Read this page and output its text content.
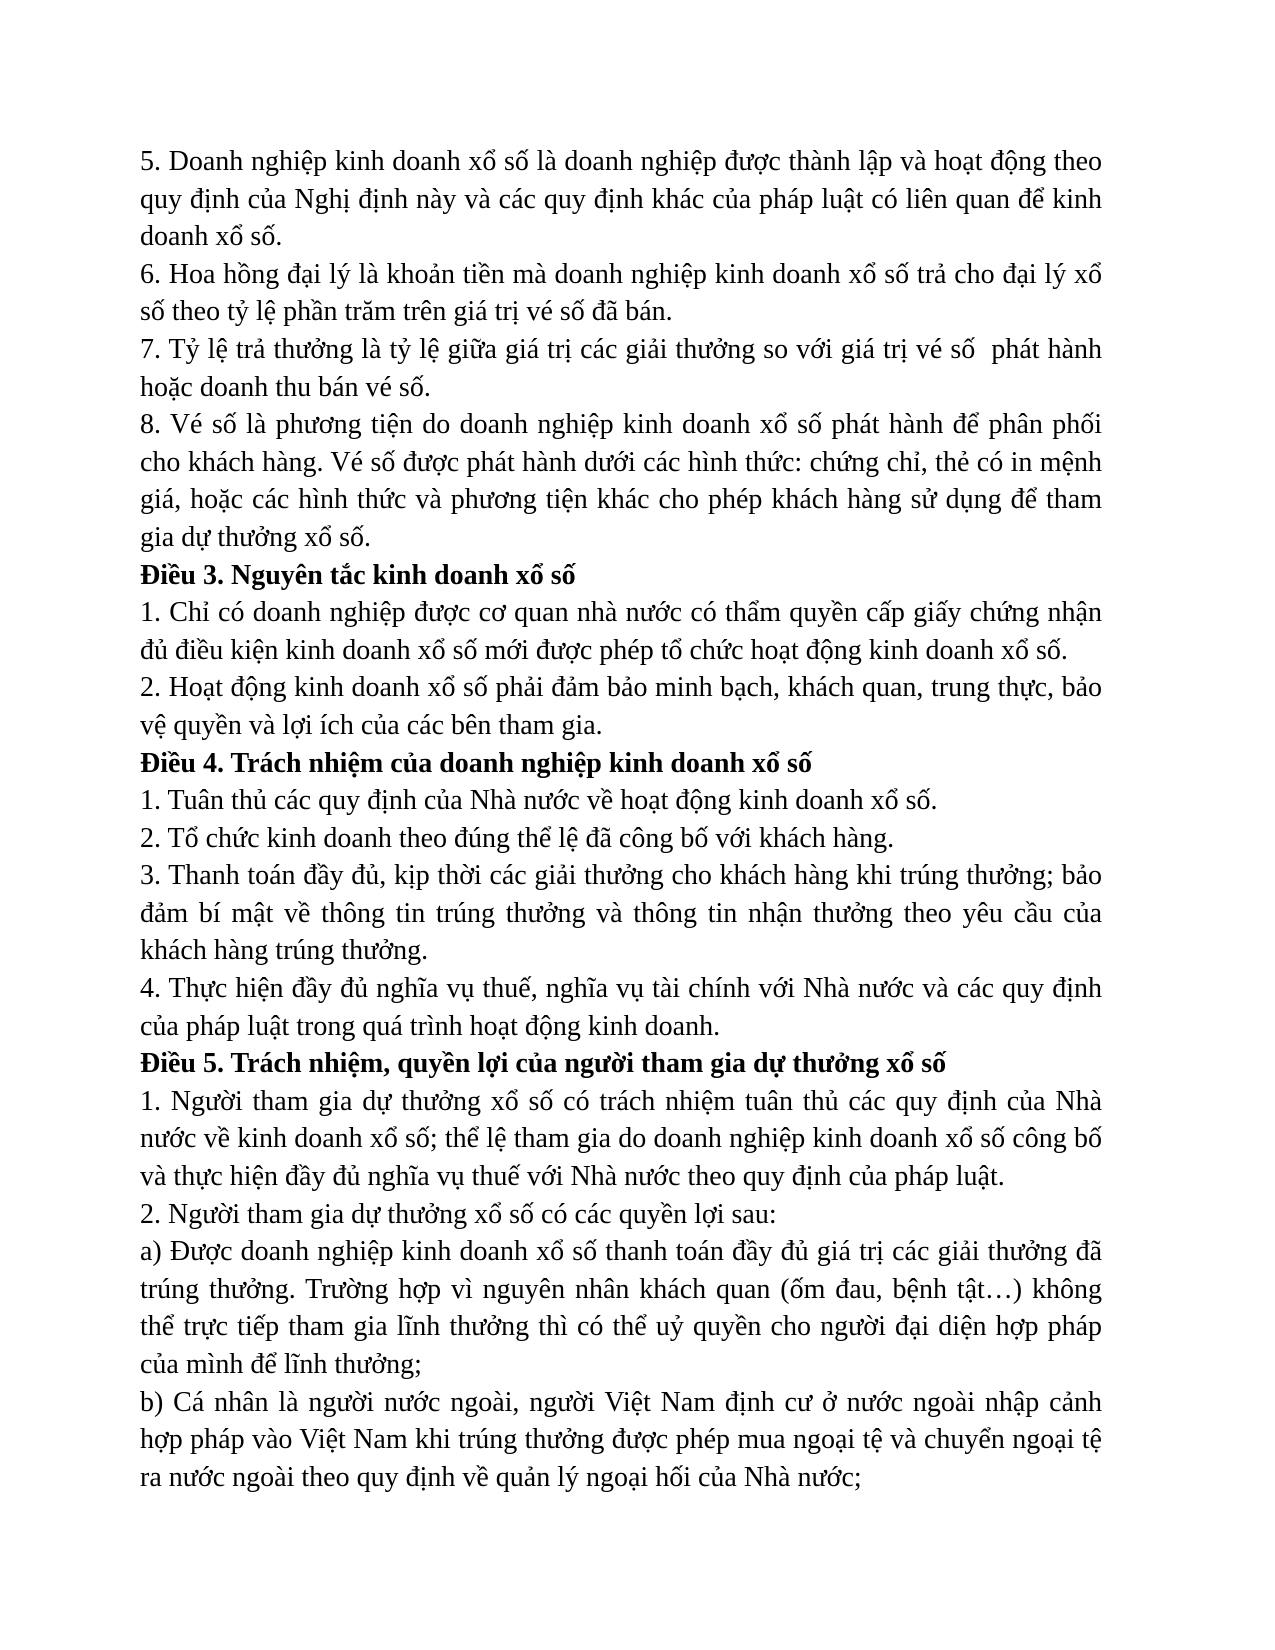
5. Doanh nghiệp kinh doanh xổ số là doanh nghiệp được thành lập và hoạt động theo quy định của Nghị định này và các quy định khác của pháp luật có liên quan để kinh doanh xổ số.

6. Hoa hồng đại lý là khoản tiền mà doanh nghiệp kinh doanh xổ số trả cho đại lý xổ số theo tỷ lệ phần trăm trên giá trị vé số đã bán.

7. Tỷ lệ trả thưởng là tỷ lệ giữa giá trị các giải thưởng so với giá trị vé số  phát hành hoặc doanh thu bán vé số.

8. Vé số là phương tiện do doanh nghiệp kinh doanh xổ số phát hành để phân phối cho khách hàng. Vé số được phát hành dưới các hình thức: chứng chỉ, thẻ có in mệnh giá, hoặc các hình thức và phương tiện khác cho phép khách hàng sử dụng để tham gia dự thưởng xổ số.

Điều 3. Nguyên tắc kinh doanh xổ số

1. Chỉ có doanh nghiệp được cơ quan nhà nước có thẩm quyền cấp giấy chứng nhận đủ điều kiện kinh doanh xổ số mới được phép tổ chức hoạt động kinh doanh xổ số.

2. Hoạt động kinh doanh xổ số phải đảm bảo minh bạch, khách quan, trung thực, bảo vệ quyền và lợi ích của các bên tham gia.

Điều 4. Trách nhiệm của doanh nghiệp kinh doanh xổ số

1. Tuân thủ các quy định của Nhà nước về hoạt động kinh doanh xổ số.

2. Tổ chức kinh doanh theo đúng thể lệ đã công bố với khách hàng.

3. Thanh toán đầy đủ, kịp thời các giải thưởng cho khách hàng khi trúng thưởng; bảo đảm bí mật về thông tin trúng thưởng và thông tin nhận thưởng theo yêu cầu của khách hàng trúng thưởng.

4. Thực hiện đầy đủ nghĩa vụ thuế, nghĩa vụ tài chính với Nhà nước và các quy định của pháp luật trong quá trình hoạt động kinh doanh.

Điều 5. Trách nhiệm, quyền lợi của người tham gia dự thưởng xổ số

1. Người tham gia dự thưởng xổ số có trách nhiệm tuân thủ các quy định của Nhà nước về kinh doanh xổ số; thể lệ tham gia do doanh nghiệp kinh doanh xổ số công bố và thực hiện đầy đủ nghĩa vụ thuế với Nhà nước theo quy định của pháp luật.

2. Người tham gia dự thưởng xổ số có các quyền lợi sau:

a) Được doanh nghiệp kinh doanh xổ số thanh toán đầy đủ giá trị các giải thưởng đã trúng thưởng. Trường hợp vì nguyên nhân khách quan (ốm đau, bệnh tật…) không thể trực tiếp tham gia lĩnh thưởng thì có thể uỷ quyền cho người đại diện hợp pháp của mình để lĩnh thưởng;

b) Cá nhân là người nước ngoài, người Việt Nam định cư ở nước ngoài nhập cảnh hợp pháp vào Việt Nam khi trúng thưởng được phép mua ngoại tệ và chuyển ngoại tệ ra nước ngoài theo quy định về quản lý ngoại hối của Nhà nước;
